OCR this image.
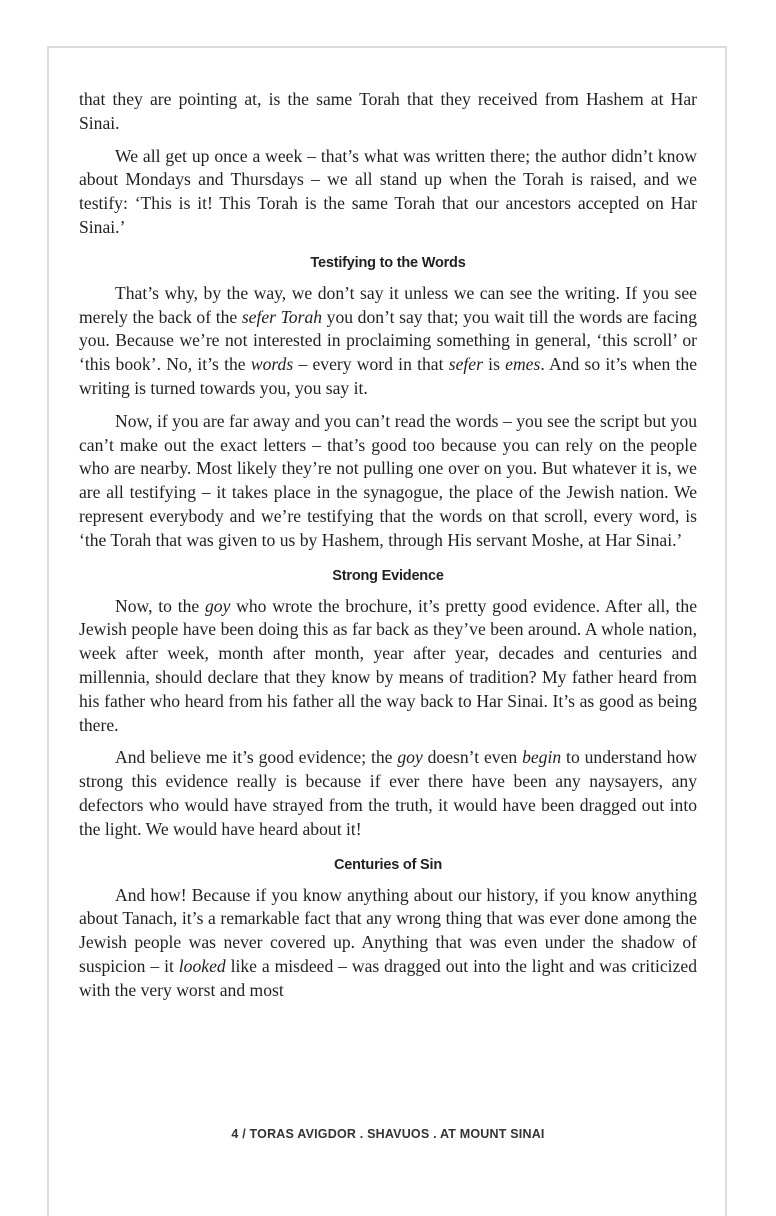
that they are pointing at, is the same Torah that they received from Hashem at Har Sinai.

We all get up once a week – that’s what was written there; the author didn’t know about Mondays and Thursdays – we all stand up when the Torah is raised, and we testify: ‘This is it! This Torah is the same Torah that our ancestors accepted on Har Sinai.’

Testifying to the Words

That’s why, by the way, we don’t say it unless we can see the writing. If you see merely the back of the sefer Torah you don’t say that; you wait till the words are facing you. Because we’re not interested in proclaiming something in general, ‘this scroll’ or ‘this book’. No, it’s the words – every word in that sefer is emes. And so it’s when the writing is turned towards you, you say it.

Now, if you are far away and you can’t read the words – you see the script but you can’t make out the exact letters – that’s good too because you can rely on the people who are nearby. Most likely they’re not pulling one over on you. But whatever it is, we are all testifying – it takes place in the synagogue, the place of the Jewish nation. We represent everybody and we’re testifying that the words on that scroll, every word, is ‘the Torah that was given to us by Hashem, through His servant Moshe, at Har Sinai.’

Strong Evidence

Now, to the goy who wrote the brochure, it’s pretty good evidence. After all, the Jewish people have been doing this as far back as they’ve been around. A whole nation, week after week, month after month, year after year, decades and centuries and millennia, should declare that they know by means of tradition? My father heard from his father who heard from his father all the way back to Har Sinai. It’s as good as being there.

And believe me it’s good evidence; the goy doesn’t even begin to understand how strong this evidence really is because if ever there have been any naysayers, any defectors who would have strayed from the truth, it would have been dragged out into the light. We would have heard about it!

Centuries of Sin

And how! Because if you know anything about our history, if you know anything about Tanach, it’s a remarkable fact that any wrong thing that was ever done among the Jewish people was never covered up. Anything that was even under the shadow of suspicion – it looked like a misdeed – was dragged out into the light and was criticized with the very worst and most

4 / TORAS AVIGDOR . SHAVUOS . AT MOUNT SINAI
